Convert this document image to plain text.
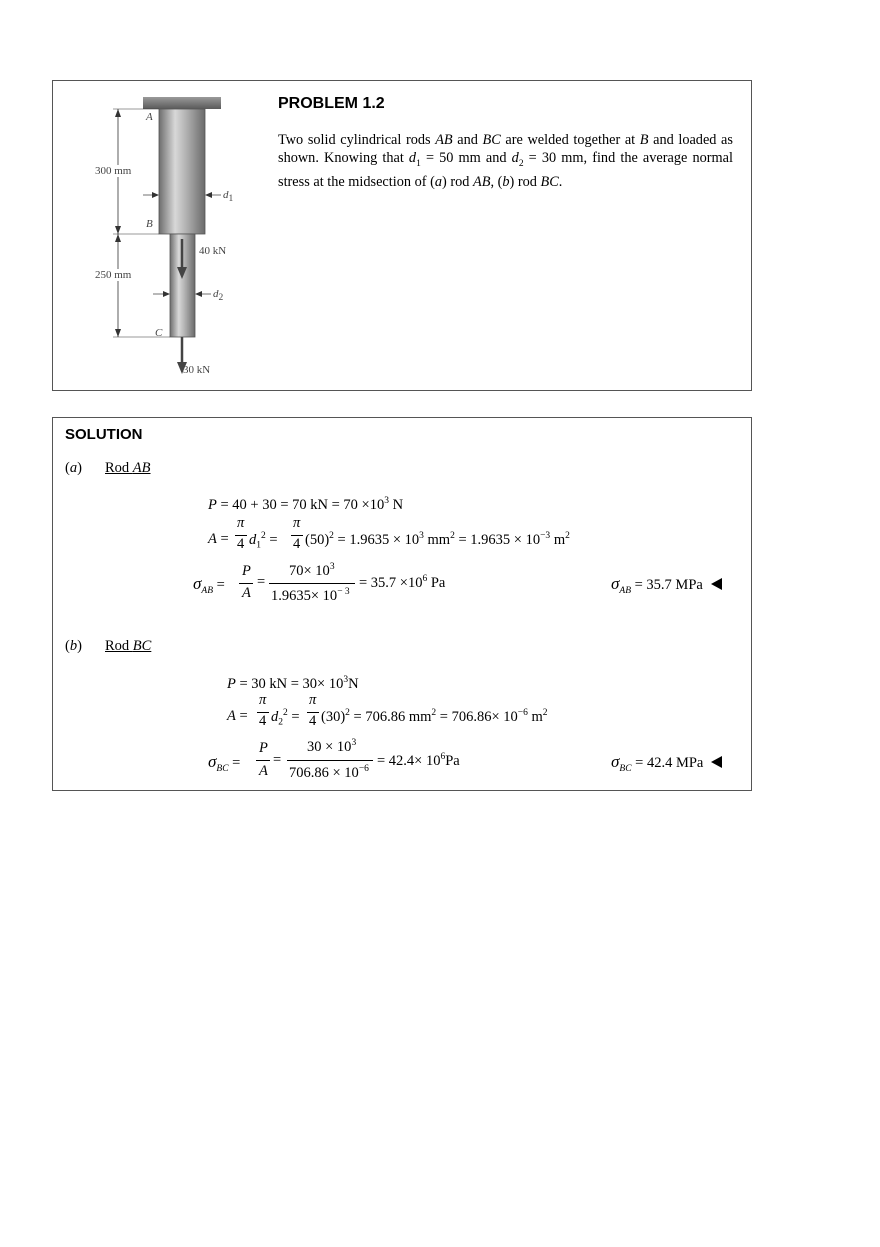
A
B
C
300 mm
250 mm
$d_1$
$d_2$
40 kN
30 kN
PROBLEM 1.2
Two solid cylindrical rods AB and BC are welded together at B and loaded as shown. Knowing that $d_1 = 50$ mm and $d_2 = 30$ mm, find the average normal stress at the midsection of (a) rod AB, (b) rod BC.
SOLUTION
(a) Rod AB
P = 40 + 30 = 70 kN = $70 \times 10^3$ N
A =
π
4 $d_1^2$ =
π
4 $(50)^2 = 1.9635 \times 10^3$ $mm^2 = 1.9635 \times 10^{-3}$ $m^2$
$\sigma_{AB}$ =
P
A
=
$70\times 10^3$
$1.9635\times 10^{- 3}$
= $35.7 \times 10^6$ Pa	$\sigma_{AB} = 35.7$ MPa
(b) Rod BC
P = 30 kN = $30\times 10^3N$
A =
π
4 $d_2^2$ =
π
4 $(30)^2 = 706.86$ $mm^2 = 706.86\times 10^{-6}$ $m^2$
$\sigma_{BC}$ =
P
A
=
$30 \times 10^3$
$706.86 \times 10^{-6}$
= $42.4\times 10^6Pa$	$\sigma_{BC} = 42.4$ MPa
